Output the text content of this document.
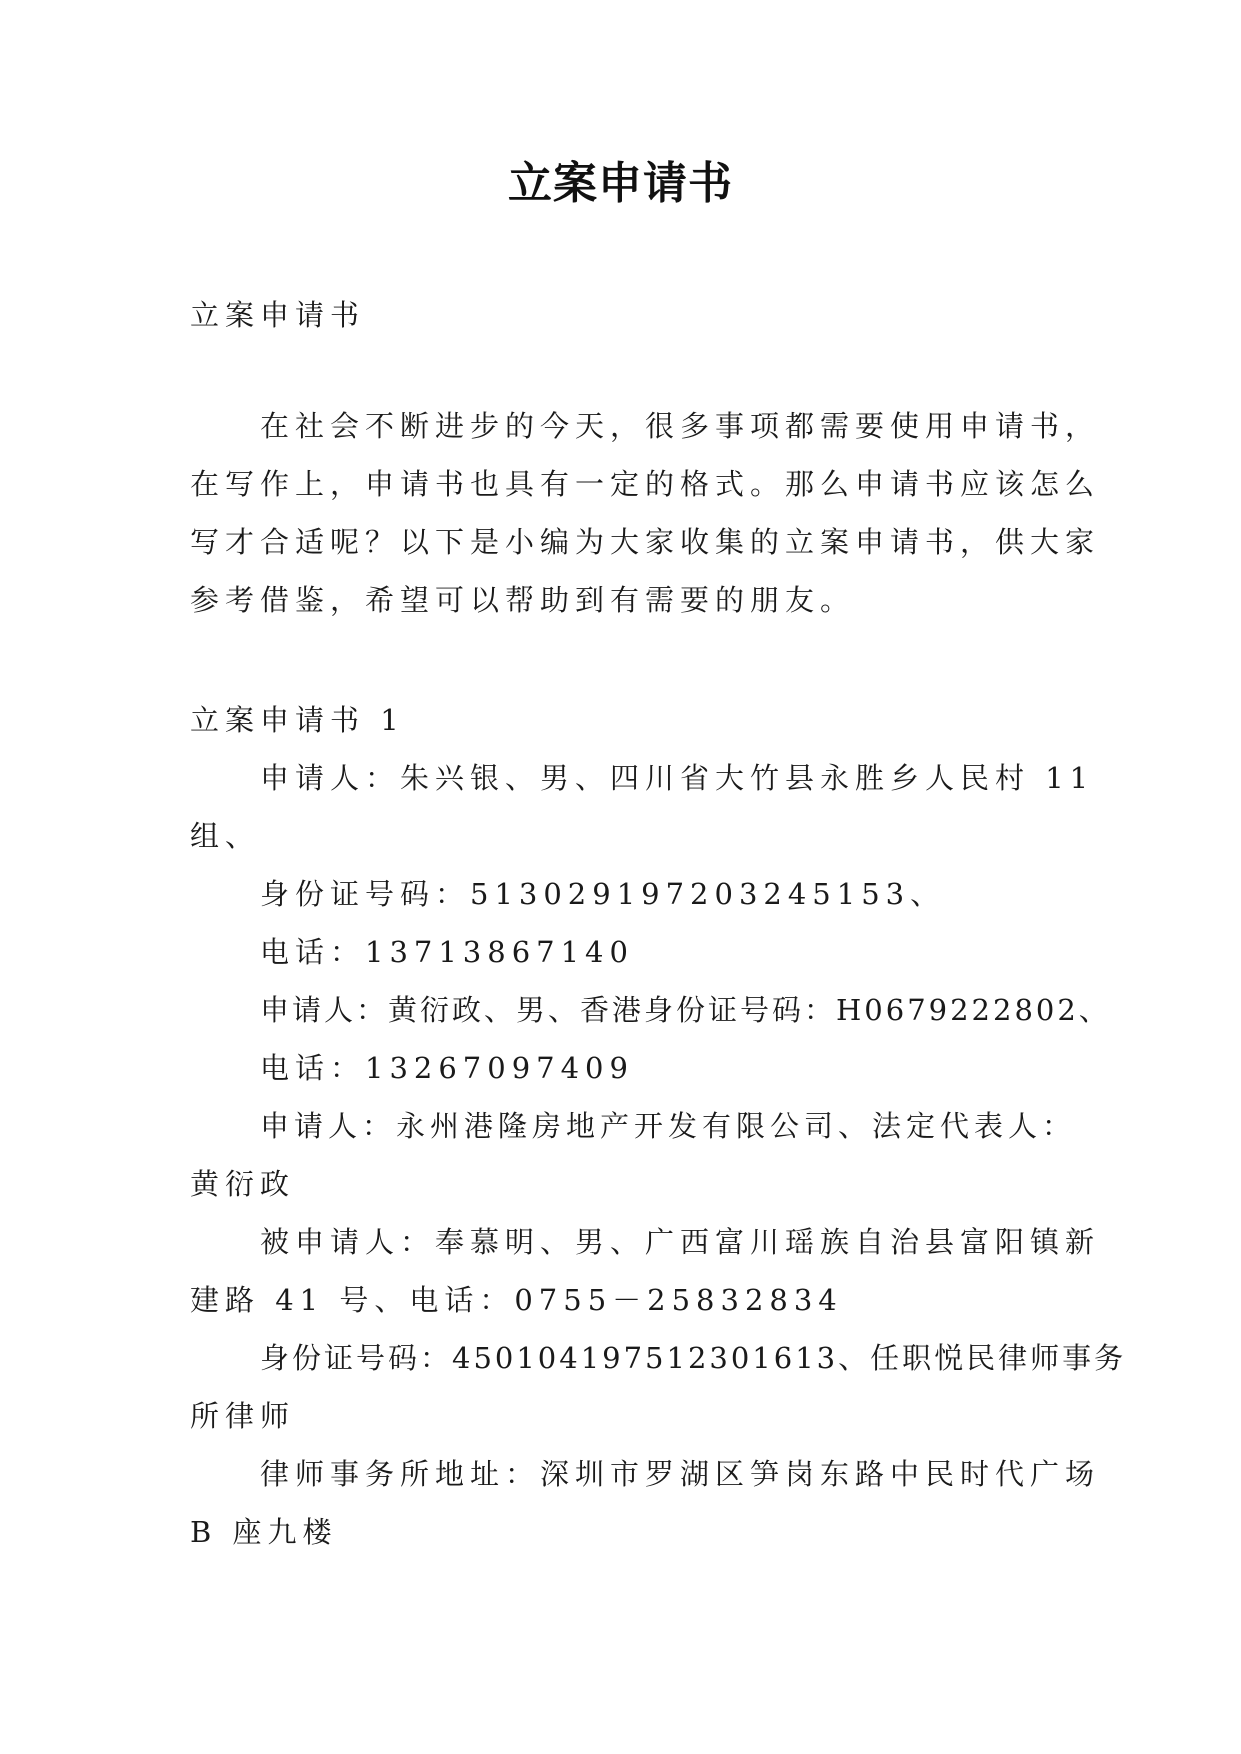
立案申请书
立案申请书
在社会不断进步的今天，很多事项都需要使用申请书，
在写作上，申请书也具有一定的格式。那么申请书应该怎么
写才合适呢？以下是小编为大家收集的立案申请书，供大家
参考借鉴，希望可以帮助到有需要的朋友。
立案申请书 1
申请人：朱兴银、男、四川省大竹县永胜乡人民村 11
组、
身份证号码：513029197203245153、
电话：13713867140
申请人：黄衍政、男、香港身份证号码：H0679222802、
电话：13267097409
申请人：永州港隆房地产开发有限公司、法定代表人：
黄衍政
被申请人：奉慕明、男、广西富川瑶族自治县富阳镇新
建路 41 号、电话：0755－25832834
身份证号码：450104197512301613、任职悦民律师事务
所律师
律师事务所地址：深圳市罗湖区笋岗东路中民时代广场
B 座九楼
